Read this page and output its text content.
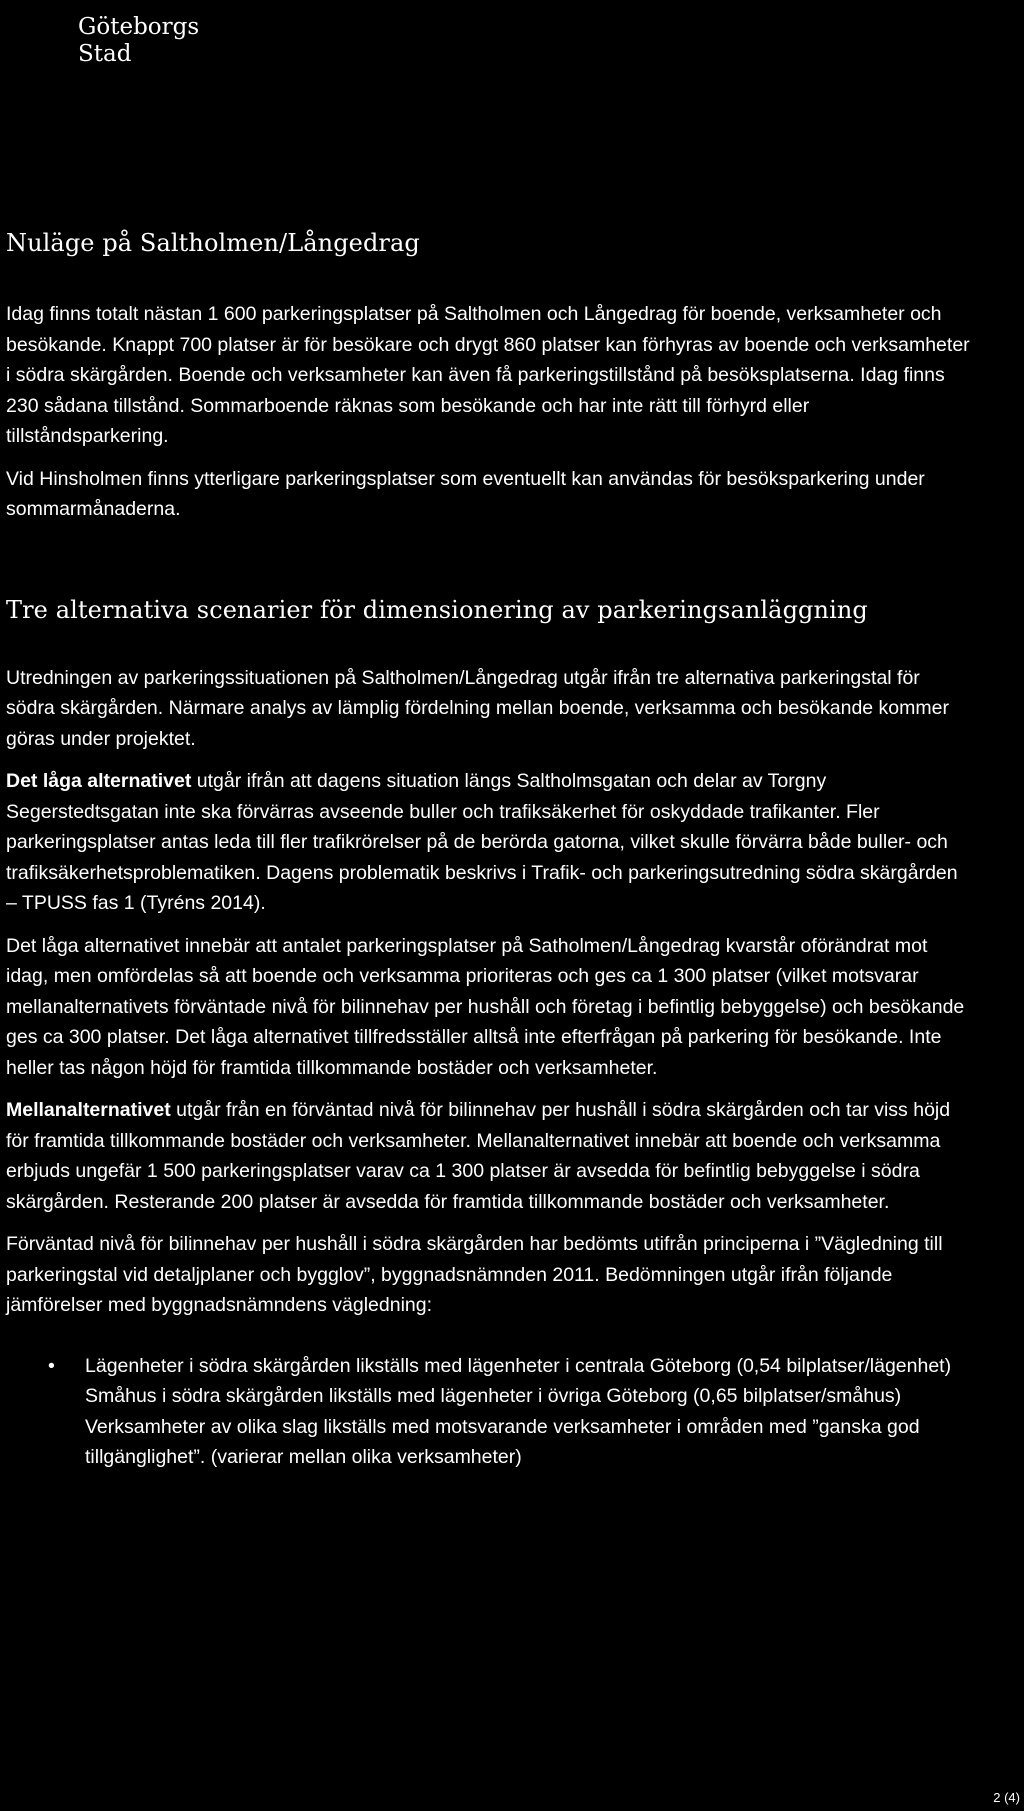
Göteborgs
Stad
Nuläge på Saltholmen/Långedrag

Idag finns totalt nästan 1 600 parkeringsplatser på Saltholmen och Långedrag för boende, verksamheter och besökande. Knappt 700 platser är för besökare och drygt 860 platser kan förhyras av boende och verksamheter i södra skärgården. Boende och verksamheter kan även få parkeringstillstånd på besöksplatserna. Idag finns 230 sådana tillstånd. Sommarboende räknas som besökande och har inte rätt till förhyrd eller tillståndsparkering.

Vid Hinsholmen finns ytterligare parkeringsplatser som eventuellt kan användas för besöksparkering under sommarmånaderna.

Tre alternativa scenarier för dimensionering av parkeringsanläggning

Utredningen av parkeringssituationen på Saltholmen/Långedrag utgår ifrån tre alternativa parkeringstal för södra skärgården. Närmare analys av lämplig fördelning mellan boende, verksamma och besökande kommer göras under projektet.

Det låga alternativet utgår ifrån att dagens situation längs Saltholmsgatan och delar av Torgny Segerstedtsgatan inte ska förvärras avseende buller och trafiksäkerhet för oskyddade trafikanter. Fler parkeringsplatser antas leda till fler trafikrörelser på de berörda gatorna, vilket skulle förvärra både buller- och trafiksäkerhetsproblematiken. Dagens problematik beskrivs i Trafik- och parkeringsutredning södra skärgården – TPUSS fas 1 (Tyréns 2014).

Det låga alternativet innebär att antalet parkeringsplatser på Satholmen/Långedrag kvarstår oförändrat mot idag, men omfördelas så att boende och verksamma prioriteras och ges ca 1 300 platser (vilket motsvarar mellanalternativets förväntade nivå för bilinnehav per hushåll och företag i befintlig bebyggelse) och besökande ges ca 300 platser. Det låga alternativet tillfredsställer alltså inte efterfrågan på parkering för besökande. Inte heller tas någon höjd för framtida tillkommande bostäder och verksamheter.

Mellanalternativet utgår från en förväntad nivå för bilinnehav per hushåll i södra skärgården och tar viss höjd för framtida tillkommande bostäder och verksamheter. Mellanalternativet innebär att boende och verksamma erbjuds ungefär 1 500 parkeringsplatser varav ca 1 300 platser är avsedda för befintlig bebyggelse i södra skärgården. Resterande 200 platser är avsedda för framtida tillkommande bostäder och verksamheter.

Förväntad nivå för bilinnehav per hushåll i södra skärgården har bedömts utifrån principerna i ”Vägledning till parkeringstal vid detaljplaner och bygglov”, byggnadsnämnden 2011. Bedömningen utgår ifrån följande jämförelser med byggnadsnämndens vägledning:

• Lägenheter i södra skärgården likställs med lägenheter i centrala Göteborg (0,54 bilplatser/lägenhet)
Småhus i södra skärgården likställs med lägenheter i övriga Göteborg (0,65 bilplatser/småhus)
Verksamheter av olika slag likställs med motsvarande verksamheter i områden med ”ganska god tillgänglighet”. (varierar mellan olika verksamheter)
2 (4)
